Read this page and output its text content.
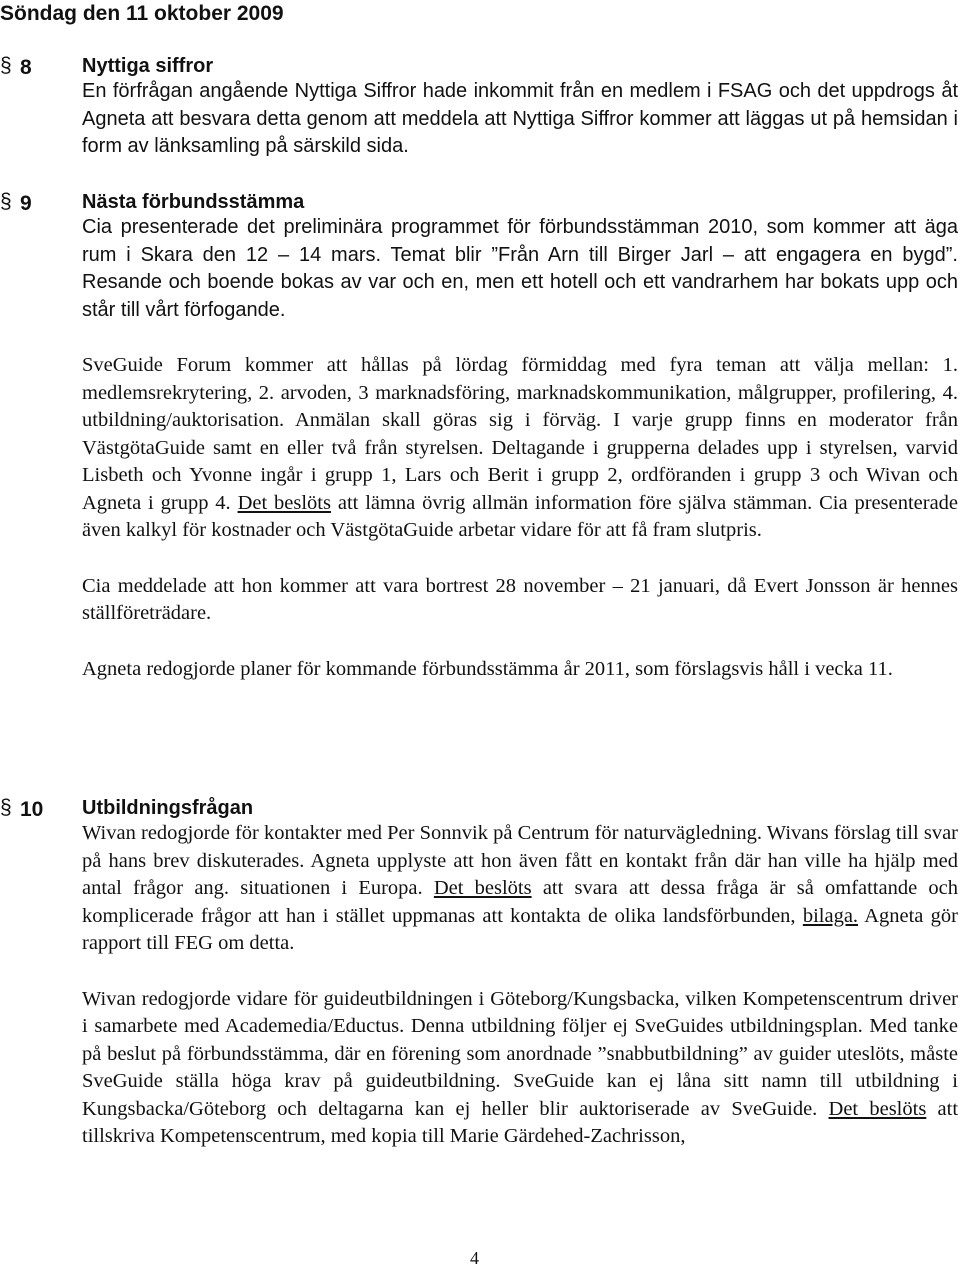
Söndag den 11 oktober 2009
§ 8	Nyttiga siffror

En förfrågan angående Nyttiga Siffror hade inkommit från en medlem i FSAG och det uppdrogs åt Agneta att besvara detta genom att meddela att Nyttiga Siffror kommer att läggas ut på hemsidan i form av länksamling på särskild sida.

§ 9	Nästa förbundsstämma

Cia presenterade det preliminära programmet för förbundsstämman 2010, som kommer att äga rum i Skara den 12 – 14 mars. Temat blir ”Från Arn till Birger Jarl – att engagera en bygd”. Resande och boende bokas av var och en, men ett hotell och ett vandrarhem har bokats upp och står till vårt förfogande.

SveGuide Forum kommer att hållas på lördag förmiddag med fyra teman att välja mellan: 1. medlemsrekrytering, 2. arvoden, 3 marknadsföring, marknadskommunikation, målgrupper, profilering, 4. utbildning/auktorisation. Anmälan skall göras sig i förväg. I varje grupp finns en moderator från VästgötaGuide samt en eller två från styrelsen. Deltagande i grupperna delades upp i styrelsen, varvid Lisbeth och Yvonne ingår i grupp 1, Lars och Berit i grupp 2, ordföranden i grupp 3 och Wivan och Agneta i grupp 4. Det beslöts att lämna övrig allmän information före själva stämman. Cia presenterade även kalkyl för kostnader och VästgötaGuide arbetar vidare för att få fram slutpris.

Cia meddelade att hon kommer att vara bortrest 28 november – 21 januari, då Evert Jonsson är hennes ställföreträdare.

Agneta redogjorde planer för kommande förbundsstämma år 2011, som förslagsvis håll i vecka 11.

§ 10 Utbildningsfrågan

Wivan redogjorde för kontakter med Per Sonnvik på Centrum för naturvägledning. Wivans förslag till svar på hans brev diskuterades. Agneta upplyste att hon även fått en kontakt från där han ville ha hjälp med antal frågor ang. situationen i Europa. Det beslöts att svara att dessa fråga är så omfattande och komplicerade frågor att han i stället uppmanas att kontakta de olika landsförbunden, bilaga. Agneta gör rapport till FEG om detta.

Wivan redogjorde vidare för guideutbildningen i Göteborg/Kungsbacka, vilken Kompetenscentrum driver i samarbete med Academedia/Eductus. Denna utbildning följer ej SveGuides utbildningsplan. Med tanke på beslut på förbundsstämma, där en förening som anordnade ”snabbutbildning” av guider uteslöts, måste SveGuide ställa höga krav på guideutbildning. SveGuide kan ej låna sitt namn till utbildning i Kungsbacka/Göteborg och deltagarna kan ej heller blir auktoriserade av SveGuide. Det beslöts att tillskriva Kompetenscentrum, med kopia till Marie Gärdehed-Zachrisson,

4
